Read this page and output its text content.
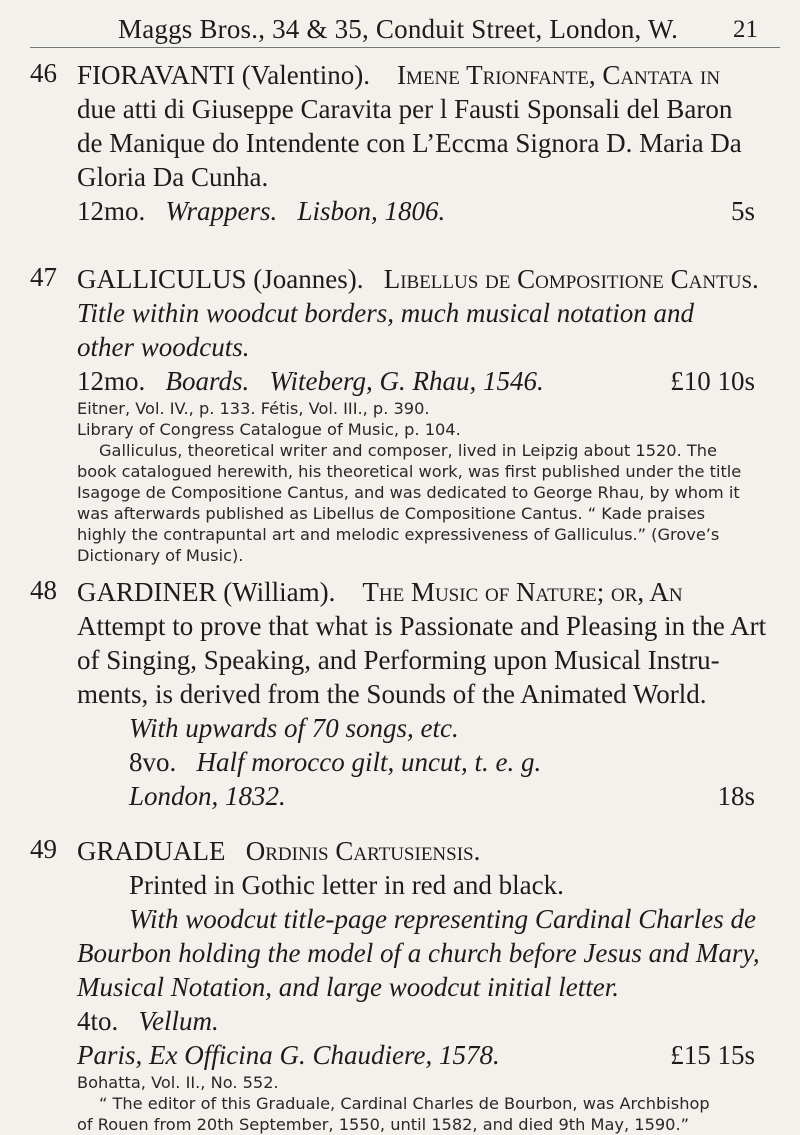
Maggs Bros., 34 & 35, Conduit Street, London, W. 21
46 FIORAVANTI (Valentino). Imene Trionfante, Cantata in
due atti di Giuseppe Caravita per l Fausti Sponsali del Baron
de Manique do Intendente con L’Eccma Signora D. Maria Da
Gloria Da Cunha.
12mo. Wrappers. Lisbon, 1806.	5s
47 GALLICULUS (Joannes). Libellus de Compositione Cantus.
Title within woodcut borders, much musical notation and
other woodcuts.
12mo. Boards. Witeberg, G. Rhau, 1546.	£10 10s
Eitner, Vol. IV., p. 133. Fétis, Vol. III., p. 390.
Library of Congress Catalogue of Music, p. 104.
Galliculus, theoretical writer and composer, lived in Leipzig about 1520. The
book catalogued herewith, his theoretical work, was first published under the title
Isagoge de Compositione Cantus, and was dedicated to George Rhau, by whom it
was afterwards published as Libellus de Compositione Cantus. “ Kade praises
highly the contrapuntal art and melodic expressiveness of Galliculus.” (Grove’s
Dictionary of Music).
48 GARDINER (William). The Music of Nature; or, An
Attempt to prove that what is Passionate and Pleasing in the Art
of Singing, Speaking, and Performing upon Musical Instru-
ments, is derived from the Sounds of the Animated World.
With upwards of 70 songs, etc.
8vo. Half morocco gilt, uncut, t. e. g.
London, 1832.	18s
49 GRADUALE Ordinis Cartusiensis.
Printed in Gothic letter in red and black.
With woodcut title-page representing Cardinal Charles de
Bourbon holding the model of a church before Jesus and Mary,
Musical Notation, and large woodcut initial letter.
4to. Vellum.
Paris, Ex Officina G. Chaudiere, 1578.	£15 15s
Bohatta, Vol. II., No. 552.
“ The editor of this Graduale, Cardinal Charles de Bourbon, was Archbishop
of Rouen from 20th September, 1550, until 1582, and died 9th May, 1590.”
